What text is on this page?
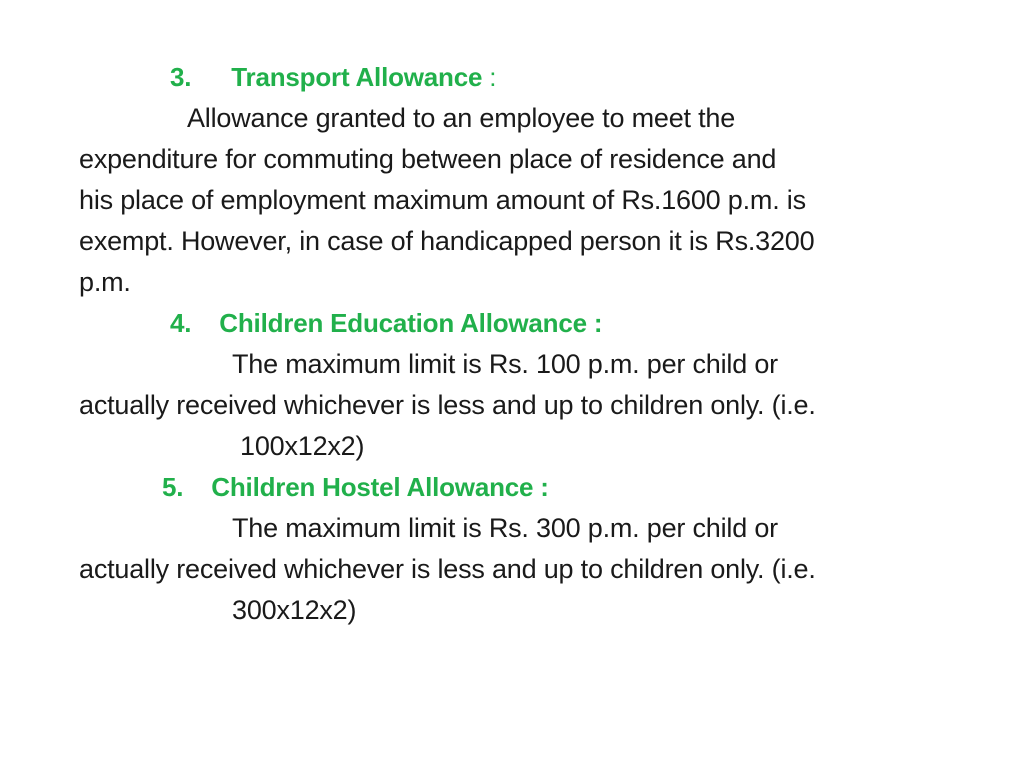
3. Transport Allowance :
Allowance granted to an employee to meet the
expenditure for commuting between place of residence and
his place of employment maximum amount of Rs.1600 p.m. is
exempt. However, in case of handicapped person it is Rs.3200
p.m.
4. Children Education Allowance :
The maximum limit is Rs. 100 p.m. per child or
actually received whichever is less and up to children only. (i.e.
100x12x2)
5. Children Hostel Allowance :
The maximum limit is Rs. 300 p.m. per child or
actually received whichever is less and up to children only. (i.e.
300x12x2)
